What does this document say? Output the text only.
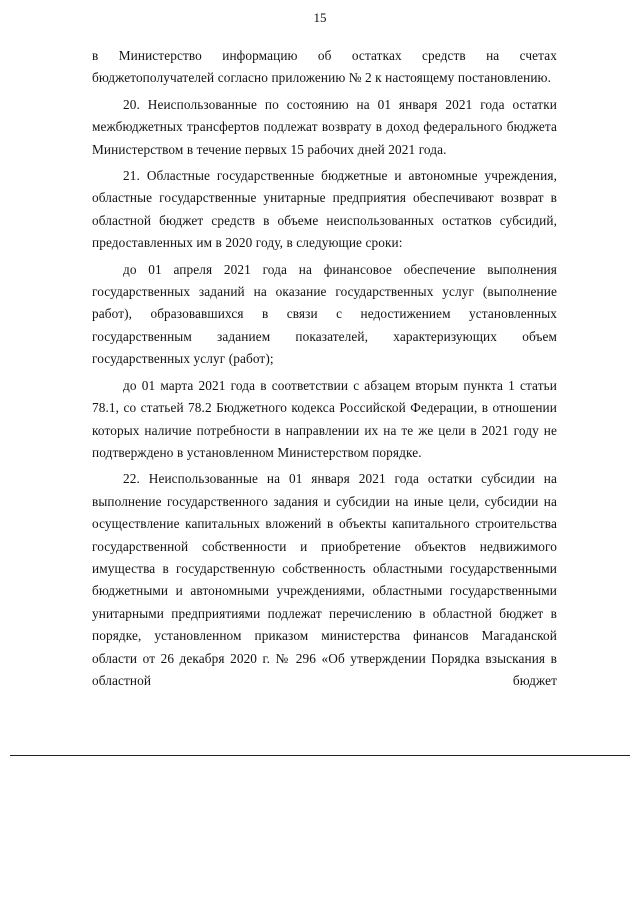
15

в Министерство информацию об остатках средств на счетах бюджетополучателей согласно приложению № 2 к настоящему постановлению.

20. Неиспользованные по состоянию на 01 января 2021 года остатки межбюджетных трансфертов подлежат возврату в доход федерального бюджета Министерством в течение первых 15 рабочих дней 2021 года.

21. Областные государственные бюджетные и автономные учреждения, областные государственные унитарные предприятия обеспечивают возврат в областной бюджет средств в объеме неиспользованных остатков субсидий, предоставленных им в 2020 году, в следующие сроки:

до 01 апреля 2021 года на финансовое обеспечение выполнения государственных заданий на оказание государственных услуг (выполнение работ), образовавшихся в связи с недостижением установленных государственным заданием показателей, характеризующих объем государственных услуг (работ);

до 01 марта 2021 года в соответствии с абзацем вторым пункта 1 статьи 78.1, со статьей 78.2 Бюджетного кодекса Российской Федерации, в отношении которых наличие потребности в направлении их на те же цели в 2021 году не подтверждено в установленном Министерством порядке.

22. Неиспользованные на 01 января 2021 года остатки субсидии на выполнение государственного задания и субсидии на иные цели, субсидии на осуществление капитальных вложений в объекты капитального строительства государственной собственности и приобретение объектов недвижимого имущества в государственную собственность областными государственными бюджетными и автономными учреждениями, областными государственными унитарными предприятиями подлежат перечислению в областной бюджет в порядке, установленном приказом министерства финансов Магаданской области от 26 декабря 2020 г. № 296 «Об утверждении Порядка взыскания в областной бюджет
